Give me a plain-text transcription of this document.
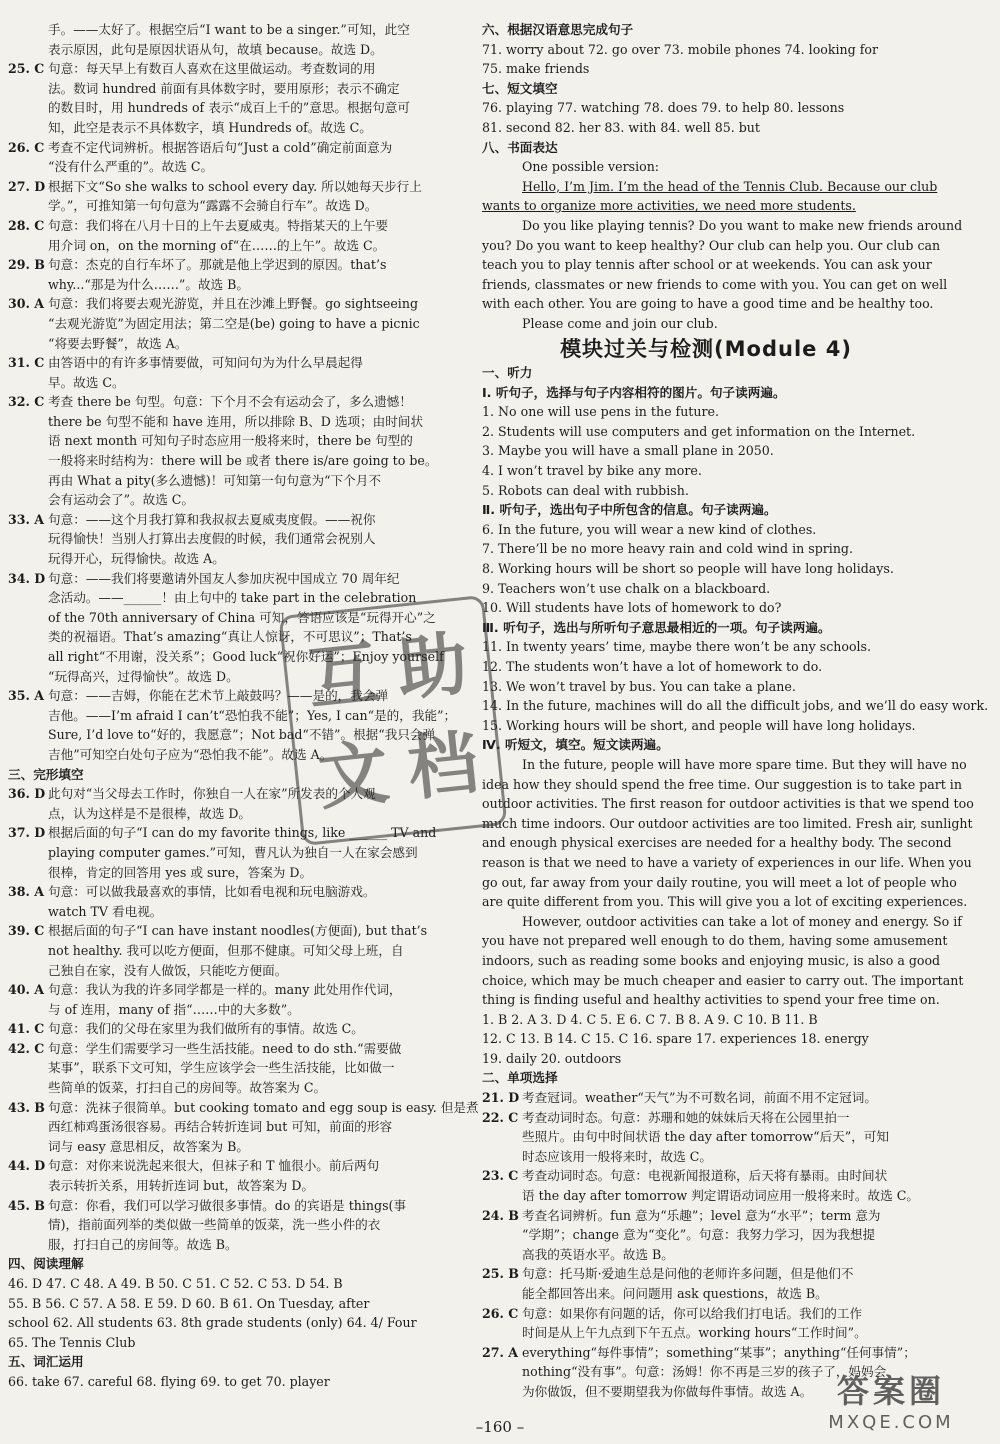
手。——太好了。根据空后“I want to be a singer.”可知，此空
表示原因，此句是原因状语从句，故填 because。故选 D。
25. C 句意：每天早上有数百人喜欢在这里做运动。考查数词的用
法。数词 hundred 前面有具体数字时，要用原形；表示不确定
的数目时，用 hundreds of 表示“成百上千的”意思。根据句意可
知，此空是表示不具体数字，填 Hundreds of。故选 C。
26. C 考查不定代词辨析。根据答语后句“Just a cold”确定前面意为
“没有什么严重的”。故选 C。
27. D 根据下文“So she walks to school every day. 所以她每天步行上
学。”，可推知第一句句意为“露露不会骑自行车”。故选 D。
28. C 句意：我们将在八月十日的上午去夏威夷。特指某天的上午要
用介词 on，on the morning of“在……的上午”。故选 C。
29. B 句意：杰克的自行车坏了。那就是他上学迟到的原因。that’s
why...“那是为什么……”。故选 B。
30. A 句意：我们将要去观光游览，并且在沙滩上野餐。go sightseeing
“去观光游览”为固定用法；第二空是(be) going to have a picnic
“将要去野餐”，故选 A。
31. C 由答语中的有许多事情要做，可知问句为为什么早晨起得
早。故选 C。
32. C 考查 there be 句型。句意：下个月不会有运动会了，多么遗憾！
there be 句型不能和 have 连用，所以排除 B、D 选项；由时间状
语 next month 可知句子时态应用一般将来时，there be 句型的
一般将来时结构为：there will be 或者 there is/are going to be。
再由 What a pity(多么遗憾)！可知第一句句意为“下个月不
会有运动会了”。故选 C。
33. A 句意：——这个月我打算和我叔叔去夏威夷度假。——祝你
玩得愉快！当别人打算出去度假的时候，我们通常会祝别人
玩得开心，玩得愉快。故选 A。
34. D 句意：——我们将要邀请外国友人参加庆祝中国成立 70 周年纪
念活动。——______！由上句中的 take part in the celebration
of the 70th anniversary of China 可知，答语应该是“玩得开心”之
类的祝福语。That’s amazing“真让人惊讶，不可思议”；That’s
all right“不用谢，没关系”；Good luck“祝你好运”；Enjoy yourself
“玩得高兴，过得愉快”。故选 D。
35. A 句意：——吉姆，你能在艺术节上敲鼓吗？——是的，我会弹
吉他。——I’m afraid I can’t“恐怕我不能”；Yes, I can“是的，我能”；
Sure, I’d love to“好的，我愿意”；Not bad“不错”。根据“我只会弹
吉他”可知空白处句子应为“恐怕我不能”。故选 A。
三、完形填空
36. D 此句对“当父母去工作时，你独自一人在家”所发表的个人观
点，认为这样是不是很棒，故选 D。
37. D 根据后面的句子“I can do my favorite things, like ______ TV and
playing computer games.”可知，曹凡认为独自一人在家会感到
很棒，肯定的回答用 yes 或 sure，答案为 D。
38. A 句意：可以做我最喜欢的事情，比如看电视和玩电脑游戏。
watch TV 看电视。
39. C 根据后面的句子“I can have instant noodles(方便面), but that’s
not healthy. 我可以吃方便面，但那不健康。可知父母上班，自
己独自在家，没有人做饭，只能吃方便面。
40. A 句意：我认为我的许多同学都是一样的。many 此处用作代词，
与 of 连用，many of 指“……中的大多数”。
41. C 句意：我们的父母在家里为我们做所有的事情。故选 C。
42. C 句意：学生们需要学习一些生活技能。need to do sth.“需要做
某事”，联系下文可知，学生应该学会一些生活技能，比如做一
些简单的饭菜，打扫自己的房间等。故答案为 C。
43. B 句意：洗袜子很简单。but cooking tomato and egg soup is easy. 但是煮
西红柿鸡蛋汤很容易。再结合转折连词 but 可知，前面的形容
词与 easy 意思相反，故答案为 B。
44. D 句意：对你来说洗起来很大，但袜子和 T 恤很小。前后两句
表示转折关系，用转折连词 but，故答案为 D。
45. B 句意：你看，我们可以学习做很多事情。do 的宾语是 things(事
情)，指前面列举的类似做一些简单的饭菜，洗一些小件的衣
服，打扫自己的房间等。故选 B。
四、阅读理解
46. D 47. C 48. A 49. B 50. C 51. C 52. C 53. D 54. B
55. B 56. C 57. A 58. E 59. D 60. B 61. On Tuesday, after
school 62. All students 63. 8th grade students (only) 64. 4/ Four
65. The Tennis Club
五、词汇运用
66. take 67. careful 68. flying 69. to get 70. player
六、根据汉语意思完成句子
71. worry about 72. go over 73. mobile phones 74. looking for
75. make friends
七、短文填空
76. playing 77. watching 78. does 79. to help 80. lessons
81. second 82. her 83. with 84. well 85. but
八、书面表达
One possible version:
Hello, I’m Jim. I’m the head of the Tennis Club. Because our club
wants to organize more activities, we need more students.
Do you like playing tennis? Do you want to make new friends around
you? Do you want to keep healthy? Our club can help you. Our club can
teach you to play tennis after school or at weekends. You can ask your
friends, classmates or new friends to come with you. You can get on well
with each other. You are going to have a good time and be healthy too.
Please come and join our club.
模块过关与检测(Module 4)
一、听力
Ⅰ. 听句子，选择与句子内容相符的图片。句子读两遍。
1. No one will use pens in the future.
2. Students will use computers and get information on the Internet.
3. Maybe you will have a small plane in 2050.
4. I won’t travel by bike any more.
5. Robots can deal with rubbish.
Ⅱ. 听句子，选出句子中所包含的信息。句子读两遍。
6. In the future, you will wear a new kind of clothes.
7. There’ll be no more heavy rain and cold wind in spring.
8. Working hours will be short so people will have long holidays.
9. Teachers won’t use chalk on a blackboard.
10. Will students have lots of homework to do?
Ⅲ. 听句子，选出与所听句子意思最相近的一项。句子读两遍。
11. In twenty years’ time, maybe there won’t be any schools.
12. The students won’t have a lot of homework to do.
13. We won’t travel by bus. You can take a plane.
14. In the future, machines will do all the difficult jobs, and we’ll do easy work.
15. Working hours will be short, and people will have long holidays.
Ⅳ. 听短文，填空。短文读两遍。
In the future, people will have more spare time. But they will have no
idea how they should spend the free time. Our suggestion is to take part in
outdoor activities. The first reason for outdoor activities is that we spend too
much time indoors. Our outdoor activities are too limited. Fresh air, sunlight
and enough physical exercises are needed for a healthy body. The second
reason is that we need to have a variety of experiences in our life. When you
go out, far away from your daily routine, you will meet a lot of people who
are quite different from you. This will give you a lot of exciting experiences.
However, outdoor activities can take a lot of money and energy. So if
you have not prepared well enough to do them, having some amusement
indoors, such as reading some books and enjoying music, is also a good
choice, which may be much cheaper and easier to carry out. The important
thing is finding useful and healthy activities to spend your free time on.
1. B 2. A 3. D 4. C 5. E 6. C 7. B 8. A 9. C 10. B 11. B
12. C 13. B 14. C 15. C 16. spare 17. experiences 18. energy
19. daily 20. outdoors
二、单项选择
21. D 考查冠词。weather“天气”为不可数名词，前面不用不定冠词。
22. C 考查动词时态。句意：苏珊和她的妹妹后天将在公园里拍一
些照片。由句中时间状语 the day after tomorrow“后天”，可知
时态应该用一般将来时，故选 C。
23. C 考查动词时态。句意：电视新闻报道称，后天将有暴雨。由时间状
语 the day after tomorrow 判定谓语动词应用一般将来时。故选 C。
24. B 考查名词辨析。fun 意为“乐趣”；level 意为“水平”；term 意为
“学期”；change 意为“变化”。句意：我努力学习，因为我想提
高我的英语水平。故选 B。
25. B 句意：托马斯·爱迪生总是问他的老师许多问题，但是他们不
能全都回答出来。问问题用 ask questions，故选 B。
26. C 句意：如果你有问题的话，你可以给我们打电话。我们的工作
时间是从上午九点到下午五点。working hours“工作时间”。
27. A everything“每件事情”；something“某事”；anything“任何事情”；
nothing“没有事”。句意：汤姆！你不再是三岁的孩子了，妈妈会
为你做饭，但不要期望我为你做每件事情。故选 A。
互 助
文 档
–160 –
答案圈
MXQE.COM
